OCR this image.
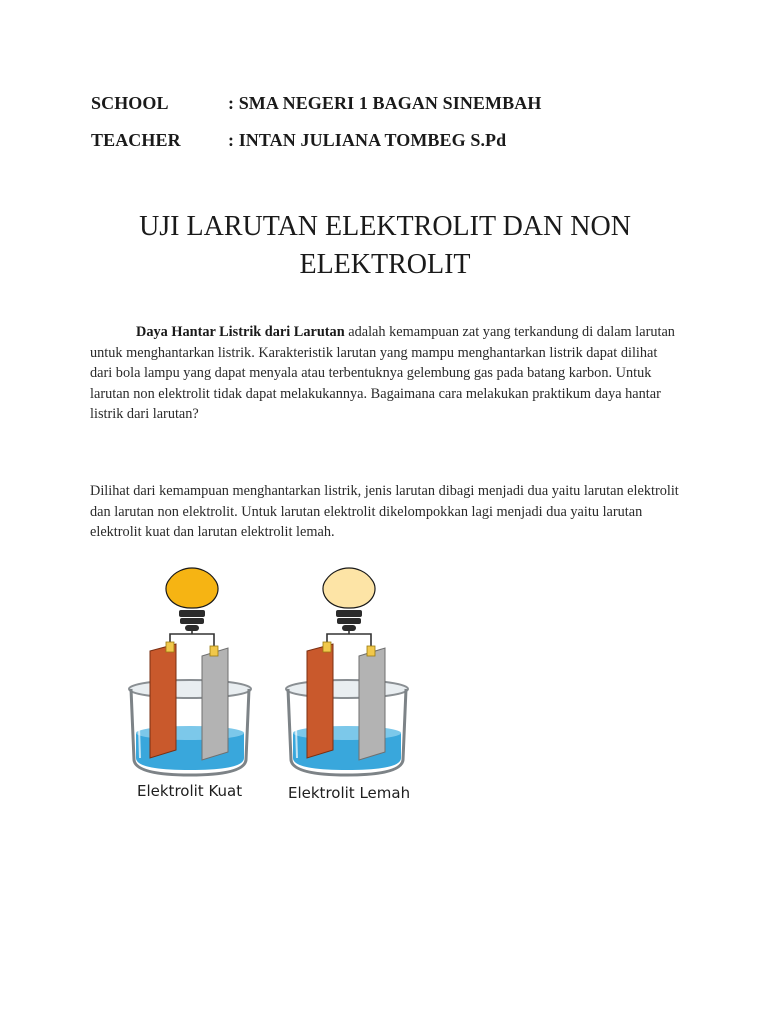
SCHOOL	: SMA NEGERI 1 BAGAN SINEMBAH
TEACHER	: INTAN JULIANA TOMBEG S.Pd
UJI LARUTAN ELEKTROLIT DAN NON
ELEKTROLIT

Daya Hantar Listrik dari Larutan adalah kemampuan zat yang terkandung di dalam larutan untuk menghantarkan listrik. Karakteristik larutan yang mampu menghantarkan listrik dapat dilihat dari bola lampu yang dapat menyala atau terbentuknya gelembung gas pada batang karbon. Untuk larutan non elektrolit tidak dapat melakukannya. Bagaimana cara melakukan praktikum daya hantar listrik dari larutan?

Dilihat dari kemampuan menghantarkan listrik, jenis larutan dibagi menjadi dua yaitu larutan elektrolit dan larutan non elektrolit. Untuk larutan elektrolit dikelompokkan lagi menjadi dua yaitu larutan elektrolit kuat dan larutan elektrolit lemah.

Elektrolit Kuat	Elektrolit Lemah
